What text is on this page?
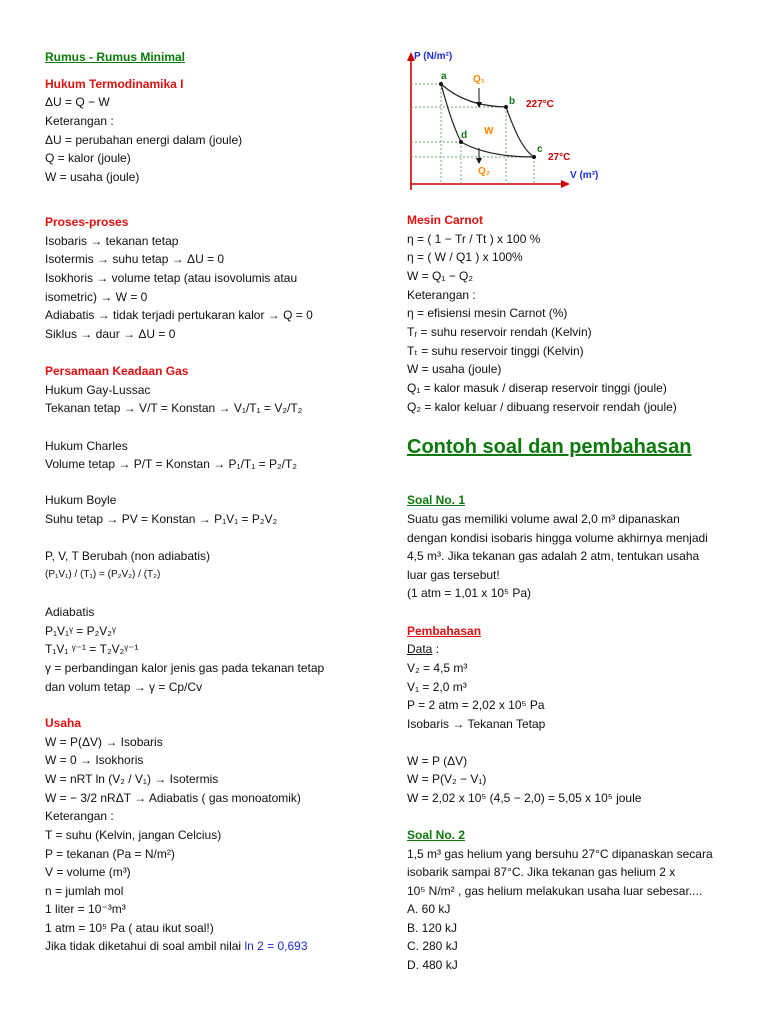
Rumus - Rumus Minimal
Hukum Termodinamika I
ΔU = Q − W
Keterangan :
ΔU = perubahan energi dalam (joule)
Q = kalor (joule)
W = usaha (joule)
Proses-proses
Isobaris → tekanan tetap
Isotermis → suhu tetap → ΔU = 0
Isokhoris → volume tetap (atau isovolumis atau
isometric) → W = 0
Adiabatis → tidak terjadi pertukaran kalor → Q = 0
Siklus → daur → ΔU = 0
Persamaan Keadaan Gas
Hukum Gay-Lussac
Tekanan tetap → V/T = Konstan → V₁/T₁ = V₂/T₂
Hukum Charles
Volume tetap → P/T = Konstan → P₁/T₁ = P₂/T₂
Hukum Boyle
Suhu tetap → PV = Konstan → P₁V₁ = P₂V₂
P, V, T Berubah (non adiabatis)
(P₁V₁) / (T₁) = (P₂V₂) / (T₂)
Adiabatis
P₁V₁ᵞ = P₂V₂ᵞ
T₁V₁ ᵞ⁻¹ = T₂V₂ᵞ⁻¹
γ = perbandingan kalor jenis gas pada tekanan tetap
dan volum tetap → γ = Cp/Cv
Usaha
W = P(ΔV) → Isobaris
W = 0 → Isokhoris
W = nRT ln (V₂ / V₁) → Isotermis
W = − 3/2 nRΔT → Adiabatis ( gas monoatomik)
Keterangan :
T = suhu (Kelvin, jangan Celcius)
P = tekanan (Pa = N/m²)
V = volume (m³)
n = jumlah mol
1 liter = 10⁻³m³
1 atm = 10⁵ Pa ( atau ikut soal!)
Jika tidak diketahui di soal ambil nilai ln 2 = 0,693
P (N/m²)
V (m³)
a
b
c
d
Q₁
Q₂
W
227°C
27°C
Mesin Carnot
η = ( 1 − Tr / Tt ) x 100 %
η = ( W / Q1 ) x 100%
W = Q₁ − Q₂
Keterangan :
η = efisiensi mesin Carnot (%)
Tᵣ = suhu reservoir rendah (Kelvin)
Tₜ = suhu reservoir tinggi (Kelvin)
W = usaha (joule)
Q₁ = kalor masuk / diserap reservoir tinggi (joule)
Q₂ = kalor keluar / dibuang reservoir rendah (joule)
Contoh soal dan pembahasan
Soal No. 1
Suatu gas memiliki volume awal 2,0 m³ dipanaskan
dengan kondisi isobaris hingga volume akhirnya menjadi
4,5 m³. Jika tekanan gas adalah 2 atm, tentukan usaha
luar gas tersebut!
(1 atm = 1,01 x 10⁵ Pa)
Pembahasan
Data :
V₂ = 4,5 m³
V₁ = 2,0 m³
P = 2 atm = 2,02 x 10⁵ Pa
Isobaris → Tekanan Tetap
W = P (ΔV)
W = P(V₂ − V₁)
W = 2,02 x 10⁵ (4,5 − 2,0) = 5,05 x 10⁵ joule
Soal No. 2
1,5 m³ gas helium yang bersuhu 27°C dipanaskan secara
isobarik sampai 87°C. Jika tekanan gas helium 2 x
10⁵ N/m² , gas helium melakukan usaha luar sebesar....
A. 60 kJ
B. 120 kJ
C. 280 kJ
D. 480 kJ
